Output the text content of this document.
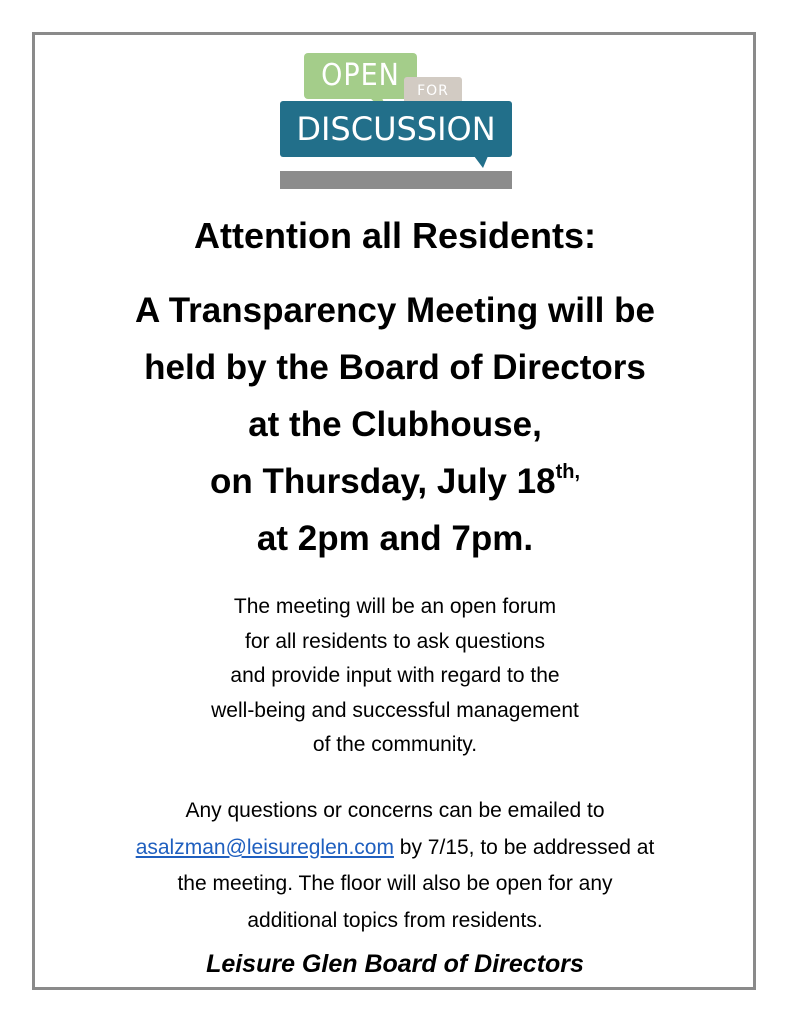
OPEN	FOR
DISCUSSION
Attention all Residents:
A Transparency Meeting will be
held by the Board of Directors
at the Clubhouse,
on Thursday, July $18^{th,}$
at 2pm and 7pm.
The meeting will be an open forum
for all residents to ask questions
and provide input with regard to the
well-being and successful management
of the community.
Any questions or concerns can be emailed to
asalzman@leisureglen.com by 7/15, to be addressed at
the meeting. The floor will also be open for any
additional topics from residents.
Leisure Glen Board of Directors
